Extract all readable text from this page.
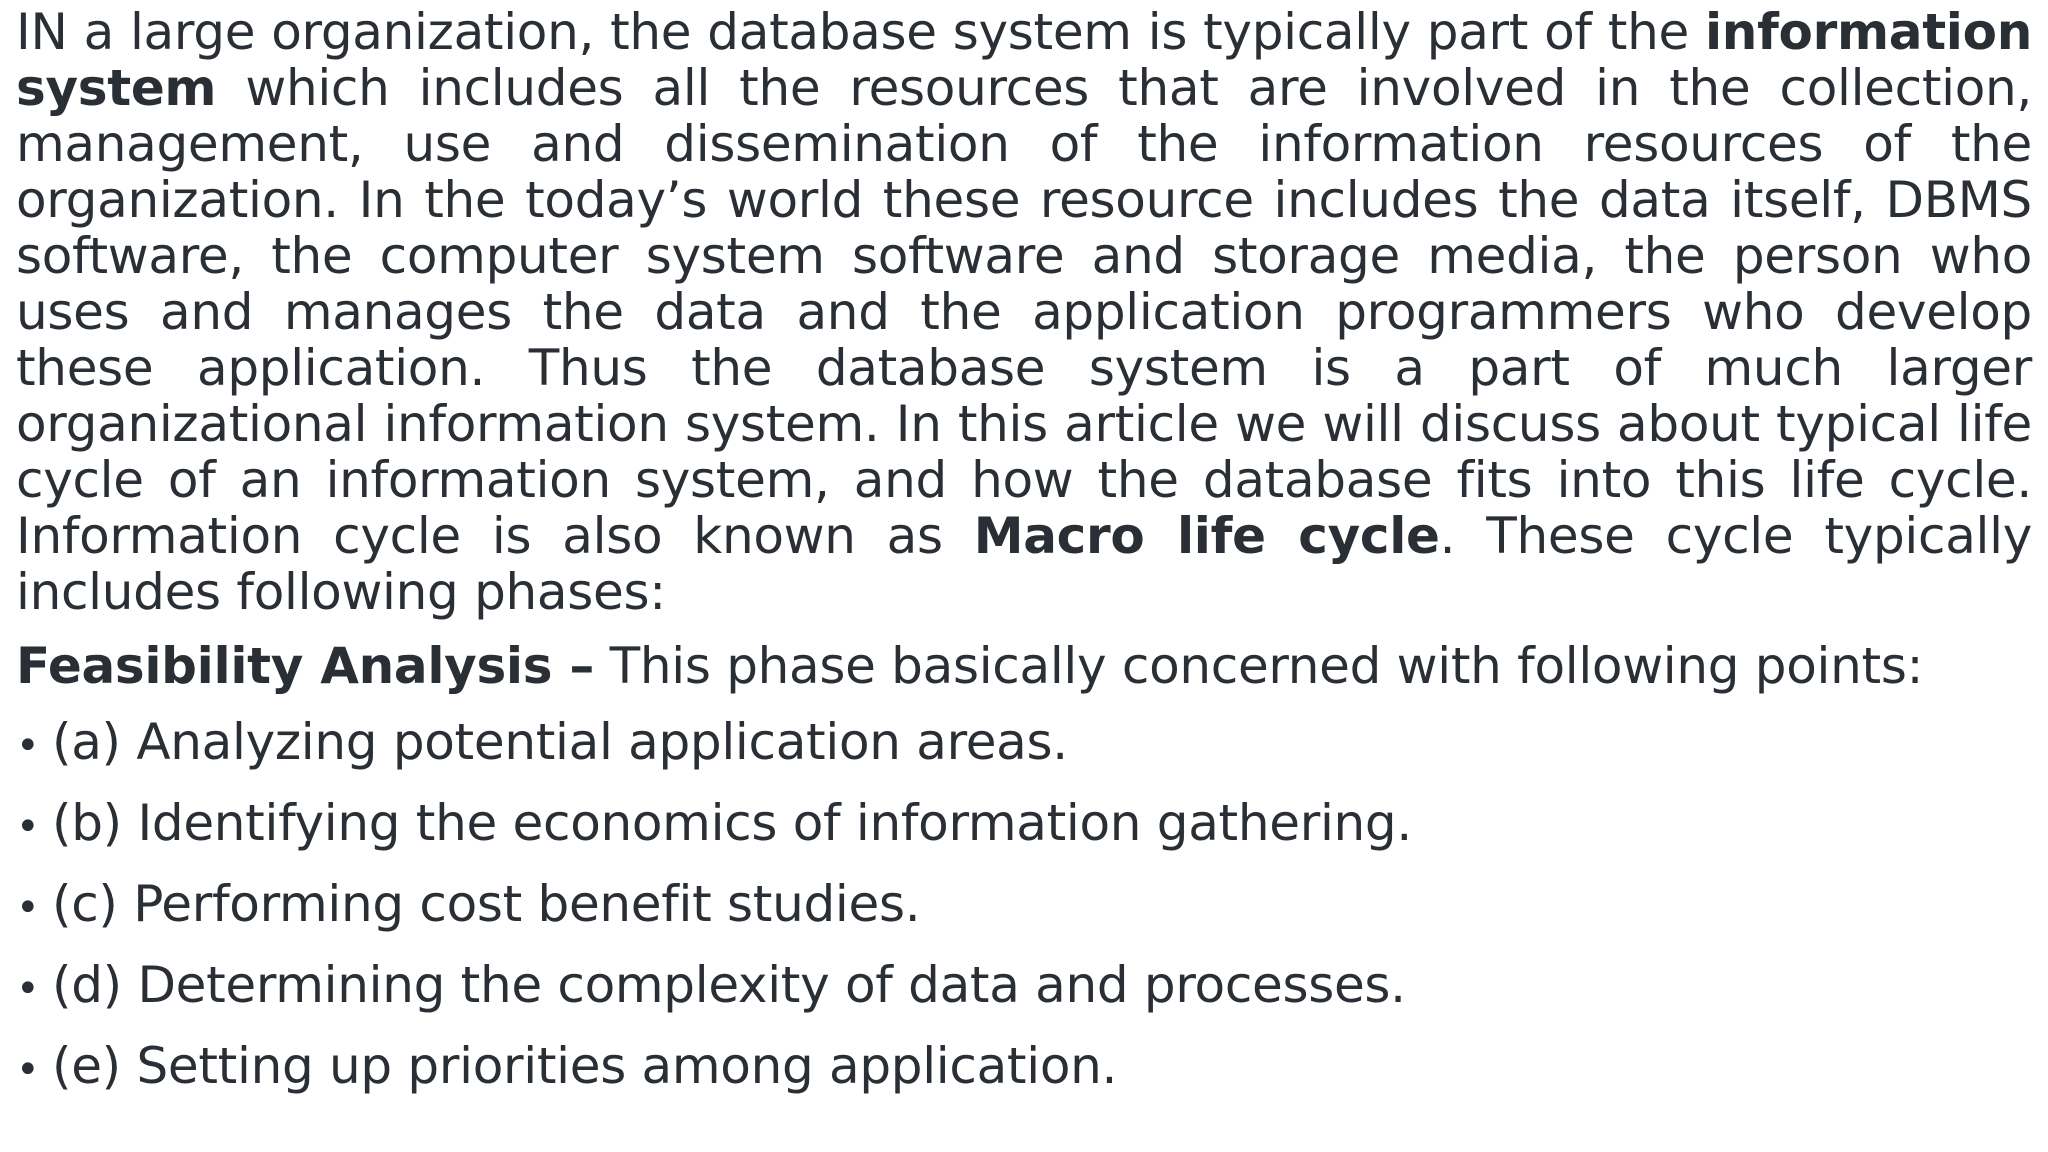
IN a large organization, the database system is typically part of the information system which includes all the resources that are involved in the collection, management, use and dissemination of the information resources of the organization. In the today’s world these resource includes the data itself, DBMS software, the computer system software and storage media, the person who uses and manages the data and the application programmers who develop these application. Thus the database system is a part of much larger organizational information system. In this article we will discuss about typical life cycle of an information system, and how the database fits into this life cycle. Information cycle is also known as Macro life cycle. These cycle typically includes following phases:

Feasibility Analysis – This phase basically concerned with following points:

• (a) Analyzing potential application areas.
• (b) Identifying the economics of information gathering.
• (c) Performing cost benefit studies.
• (d) Determining the complexity of data and processes.
• (e) Setting up priorities among application.
